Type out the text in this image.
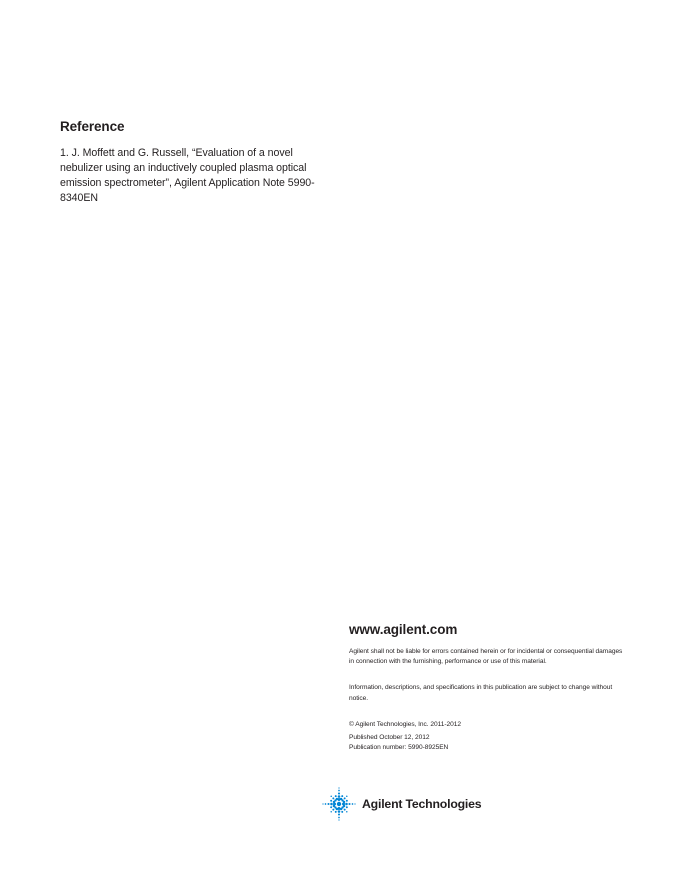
Reference

1. J. Moffett and G. Russell, “Evaluation of a novel nebulizer using an inductively coupled plasma optical emission spectrometer”, Agilent Application Note 5990-8340EN

www.agilent.com

Agilent shall not be liable for errors contained herein or for incidental or consequential damages in connection with the furnishing, performance or use of this material.

Information, descriptions, and specifications in this publication are subject to change without notice.

© Agilent Technologies, Inc. 2011-2012

Published October 12, 2012

Publication number: 5990-8925EN

Agilent Technologies
